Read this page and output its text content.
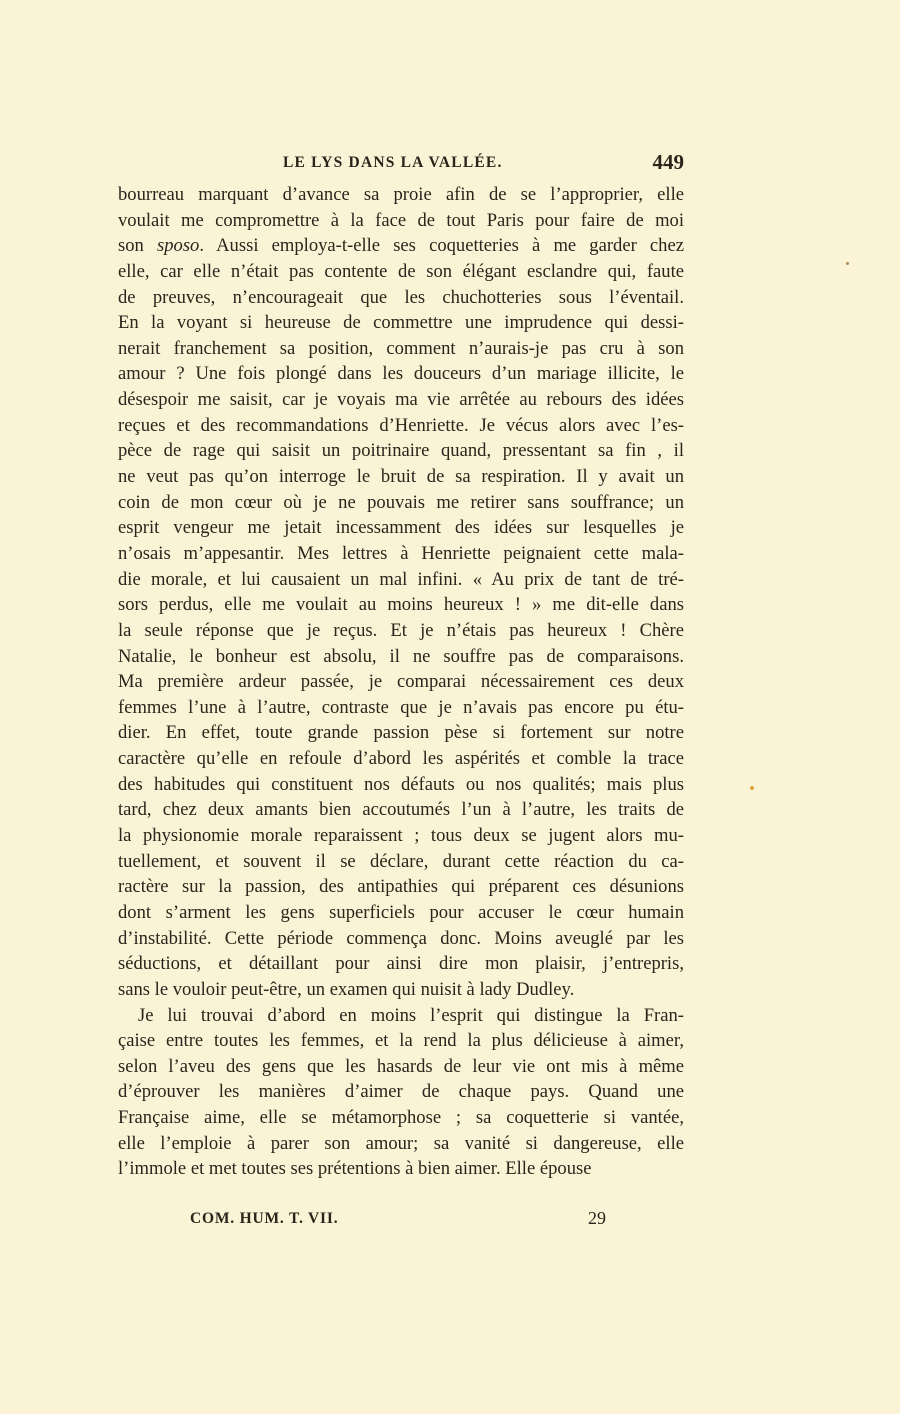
LE LYS DANS LA VALLÉE.	449
bourreau marquant d’avance sa proie afin de se l’approprier, elle
voulait me compromettre à la face de tout Paris pour faire de moi
son sposo. Aussi employa-t-elle ses coquetteries à me garder chez
elle, car elle n’était pas contente de son élégant esclandre qui, faute
de preuves, n’encourageait que les chuchotteries sous l’éventail.
En la voyant si heureuse de commettre une imprudence qui dessi-
nerait franchement sa position, comment n’aurais-je pas cru à son
amour ? Une fois plongé dans les douceurs d’un mariage illicite, le
désespoir me saisit, car je voyais ma vie arrêtée au rebours des idées
reçues et des recommandations d’Henriette. Je vécus alors avec l’es-
pèce de rage qui saisit un poitrinaire quand, pressentant sa fin , il
ne veut pas qu’on interroge le bruit de sa respiration. Il y avait un
coin de mon cœur où je ne pouvais me retirer sans souffrance; un
esprit vengeur me jetait incessamment des idées sur lesquelles je
n’osais m’appesantir. Mes lettres à Henriette peignaient cette mala-
die morale, et lui causaient un mal infini. « Au prix de tant de tré-
sors perdus, elle me voulait au moins heureux ! » me dit-elle dans
la seule réponse que je reçus. Et je n’étais pas heureux ! Chère
Natalie, le bonheur est absolu, il ne souffre pas de comparaisons.
Ma première ardeur passée, je comparai nécessairement ces deux
femmes l’une à l’autre, contraste que je n’avais pas encore pu étu-
dier. En effet, toute grande passion pèse si fortement sur notre
caractère qu’elle en refoule d’abord les aspérités et comble la trace
des habitudes qui constituent nos défauts ou nos qualités; mais plus
tard, chez deux amants bien accoutumés l’un à l’autre, les traits de
la physionomie morale reparaissent ; tous deux se jugent alors mu-
tuellement, et souvent il se déclare, durant cette réaction du ca-
ractère sur la passion, des antipathies qui préparent ces désunions
dont s’arment les gens superficiels pour accuser le cœur humain
d’instabilité. Cette période commença donc. Moins aveuglé par les
séductions, et détaillant pour ainsi dire mon plaisir, j’entrepris,
sans le vouloir peut-être, un examen qui nuisit à lady Dudley.
Je lui trouvai d’abord en moins l’esprit qui distingue la Fran-
çaise entre toutes les femmes, et la rend la plus délicieuse à aimer,
selon l’aveu des gens que les hasards de leur vie ont mis à même
d’éprouver les manières d’aimer de chaque pays. Quand une
Française aime, elle se métamorphose ; sa coquetterie si vantée,
elle l’emploie à parer son amour; sa vanité si dangereuse, elle
l’immole et met toutes ses prétentions à bien aimer. Elle épouse
COM. HUM. T. VII.	29
